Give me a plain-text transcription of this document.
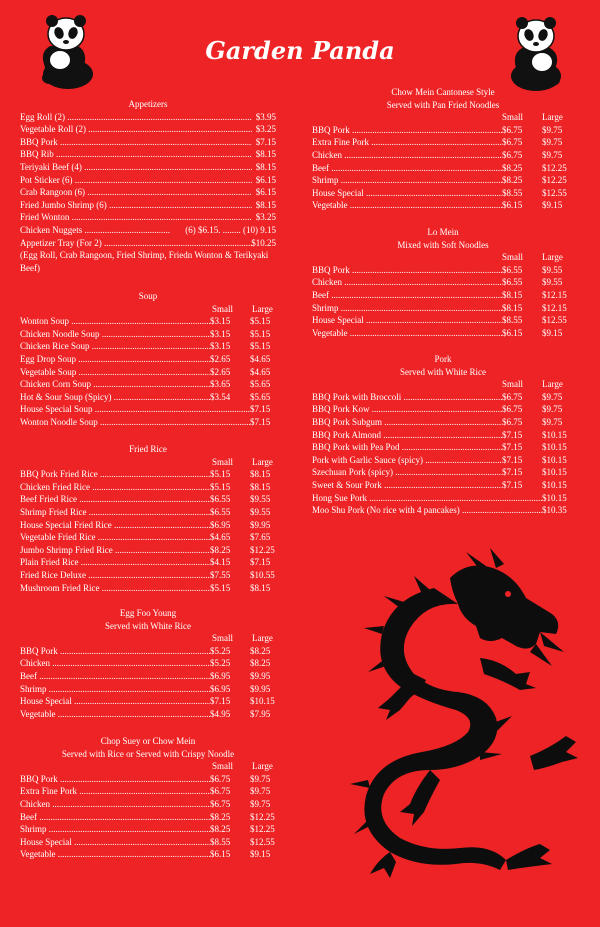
Garden Panda
Appetizers
Egg Roll (2) .....	..... $3.95
Vegetable Roll (2) .....	..... $3.25
BBQ Pork .....	..... $7.15
BBQ Rib .....	..... $8.15
Teriyaki Beef (4) .....	..... $8.15
Pot Sticker (6) .....	..... $6.15
Crab Rangoon (6) .....	..... $6.15
Fried Jumbo Shrimp (6) .....	..... $8.15
Fried Wonton .....	..... $3.25
Chicken Nuggets .....	..... (6) $6.15. ........ (10) 9.15
Appetizer Tray (For 2) .....	..... $10.25
(Egg Roll, Crab Rangoon, Fried Shrimp, Friedn Wonton & Terikyaki Beef)
Soup
Small Large
Wonton Soup .....	..... $3.15 ..... $5.15
Chicken Noodle Soup .....	..... $3.15 ..... $5.15
Chicken Rice Soup .....	..... $3.15 ..... $5.15
Egg Drop Soup .....	..... $2.65 ..... $4.65
Vegetable Soup .....	..... $2.65 ..... $4.65
Chicken Corn Soup .....	..... $3.65 ..... $5.65
Hot & Sour Soup (Spicy) .....	..... $3.54 ..... $5.65
House Special Soup .....	..... $7.15
Wonton Noodle Soup .....	..... $7.15
Fried Rice
Small Large
BBQ Pork Fried Rice .....	..... $5.15 ..... $8.15
Chicken Fried Rice .....	..... $5.15 ..... $8.15
Beef Fried Rice .....	..... $6.55 ..... $9.55
Shrimp Fried Rice .....	..... $6.55 ..... $9.55
House Special Fried Rice .....	..... $6.95 ..... $9.95
Vegetable Fried Rice .....	..... $4.65 ..... $7.65
Jumbo Shrimp Fried Rice .....	..... $8.25 ..... $12.25
Plain Fried Rice .....	..... $4.15 ..... $7.15
Fried Rice Deluxe .....	..... $7.55 ..... $10.55
Mushroom Fried Rice .....	..... $5.15 ..... $8.15
Egg Foo Young
Served with White Rice
Small Large
BBQ Pork .....	..... $5.25 ..... $8.25
Chicken .....	..... $5.25 ..... $8.25
Beef .....	..... $6.95 ..... $9.95
Shrimp .....	..... $6.95 ..... $9.95
House Special .....	..... $7.15 ..... $10.15
Vegetable .....	..... $4.95 ..... $7.95
Chop Suey or Chow Mein
Served with Rice or Served with Crispy Noodle
Small Large
BBQ Pork .....	..... $6.75 ..... $9.75
Extra Fine Pork .....	..... $6.75 ..... $9.75
Chicken .....	..... $6.75 ..... $9.75
Beef .....	..... $8.25 ..... $12.25
Shrimp .....	..... $8.25 ..... $12.25
House Special .....	..... $8.55 ..... $12.55
Vegetable .....	..... $6.15 ..... $9.15
Chow Mein Cantonese Style
Served with Pan Fried Noodles
Small Large
BBQ Pork .....	..... $6.75 ..... $9.75
Extra Fine Pork .....	..... $6.75 ..... $9.75
Chicken .....	..... $6.75 ..... $9.75
Beef .....	..... $8.25 ..... $12.25
Shrimp .....	..... $8.25 ..... $12.25
House Special .....	..... $8.55 ..... $12.55
Vegetable .....	..... $6.15 ..... $9.15
Lo Mein
Mixed with Soft Noodles
Small Large
BBQ Pork .....	..... $6.55 ..... $9.55
Chicken .....	..... $6.55 ..... $9.55
Beef .....	..... $8.15 ..... $12.15
Shrimp .....	..... $8.15 ..... $12.15
House Special .....	..... $8.55 ..... $12.55
Vegetable .....	..... $6.15 ..... $9.15
Pork
Served with White Rice
Small Large
BBQ Pork with Broccoli .....	..... $6.75 ..... $9.75
BBQ Pork Kow .....	..... $6.75 ..... $9.75
BBQ Pork Subgum .....	..... $6.75 ..... $9.75
BBQ Pork Almond .....	..... $7.15 ..... $10.15
BBQ Pork with Pea Pod .....	..... $7.15 ..... $10.15
Pork with Garlic Sauce (spicy) .....	..... $7.15 ..... $10.15
Szechuan Pork (spicy) .....	..... $7.15 ..... $10.15
Sweet & Sour Pork .....	..... $7.15 ..... $10.15
Hong Sue Pork .....	..... $10.15
Moo Shu Pork (No rice with 4 pancakes) .....	..... $10.35
